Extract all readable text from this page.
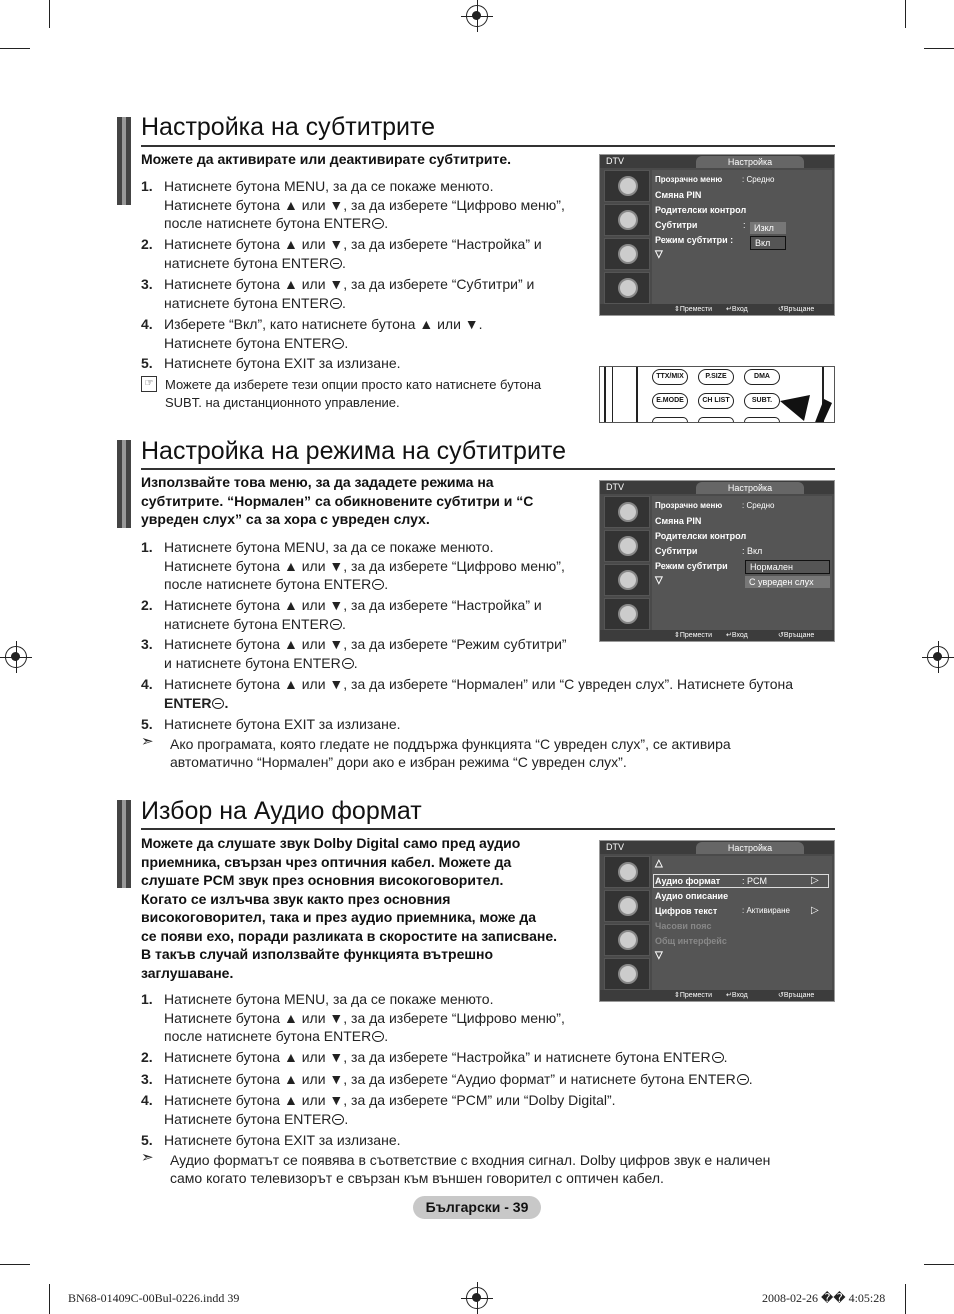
Настройка на субтитрите
Можете да активирате или деактивирате субтитрите.
1. Натиснете бутона MENU, за да се покаже менюто.
Натиснете бутона ▲ или ▼, за да изберете “Цифрово меню”,
после натиснете бутона ENTER .
2. Натиснете бутона ▲ или ▼, за да изберете “Настройка” и
натиснете бутона ENTER .
3. Натиснете бутона ▲ или ▼, за да изберете “Субтитри” и
натиснете бутона ENTER .
4. Изберете “Вкл”, като натиснете бутона ▲ или ▼.
Натиснете бутона ENTER .
5. Натиснете бутона EXIT за излизане.
☞ Можете да изберете тези опции просто като натиснете бутона
SUBT. на дистанционното управление.
DTV	Настройка
Прозрачно меню : Средно
Смяна PIN
Родителски контрол
Субтитри	: Изкл
Режим субтитри :	Вкл
▽
⇕ Премести ↵ Вход	↺ Връщане
TTX/MIX	P.SIZE	DMA
E.MODE	CH LIST	SUBT.
Настройка на режима на субтитрите
Използвайте това меню, за да зададете режима на
субтитрите. “Нормален” са обикновените субтитри и “С
увреден слух” са за хора с увреден слух.
1. Натиснете бутона MENU, за да се покаже менюто.
Натиснете бутона ▲ или ▼, за да изберете “Цифрово меню”,
после натиснете бутона ENTER .
2. Натиснете бутона ▲ или ▼, за да изберете “Настройка” и
натиснете бутона ENTER .
3. Натиснете бутона ▲ или ▼, за да изберете “Режим субтитри”
и натиснете бутона ENTER .
4. Натиснете бутона ▲ или ▼, за да изберете “Нормален” или “С увреден слух”. Натиснете бутона
ENTER .
5. Натиснете бутона EXIT за излизане.
➣ Ако програмата, която гледате не поддържа функцията “С увреден слух”, се активира
автоматично “Нормален” дори ако е избран режима “С увреден слух”.
DTV	Настройка
Прозрачно меню : Средно
Смяна PIN
Родителски контрол
Субтитри	: Вкл
Режим субтитри	Нормален
С увреден слух
▽
⇕ Премести ↵ Вход	↺ Връщане
Избор на Аудио формат
Можете да слушате звук Dolby Digital само пред аудио
приемника, свързан чрез оптичния кабел. Можете да
слушате PCM звук през основния високоговорител.
Когато се излъчва звук както през основния
високоговорител, така и през аудио приемника, може да
се появи ехо, поради разликата в скоростите на записване.
В такъв случай използвайте функцията вътрешно
заглушаване.
1. Натиснете бутона MENU, за да се покаже менюто.
Натиснете бутона ▲ или ▼, за да изберете “Цифрово меню”,
после натиснете бутона ENTER .
2. Натиснете бутона ▲ или ▼, за да изберете “Настройка” и натиснете бутона ENTER .
3. Натиснете бутона ▲ или ▼, за да изберете “Аудио формат” и натиснете бутона ENTER .
4. Натиснете бутона ▲ или ▼, за да изберете “PCM” или “Dolby Digital”.
Натиснете бутона ENTER .
5. Натиснете бутона EXIT за излизане.
➣ Аудио форматът се появява в съответствие с входния сигнал. Dolby цифров звук е наличен
само когато телевизорът е свързан към външен говорител с оптичен кабел.
DTV	Настройка
△
Аудио формат : PCM	▷
Аудио описание
Цифров текст	: Активиране ▷
Часови пояс
Общ интерфейс
▽
⇕ Премести ↵ Вход	↺ Връщане
Български - 39
BN68-01409C-00Bul-0226.indd 39	2008-02-26 �� 4:05:28
